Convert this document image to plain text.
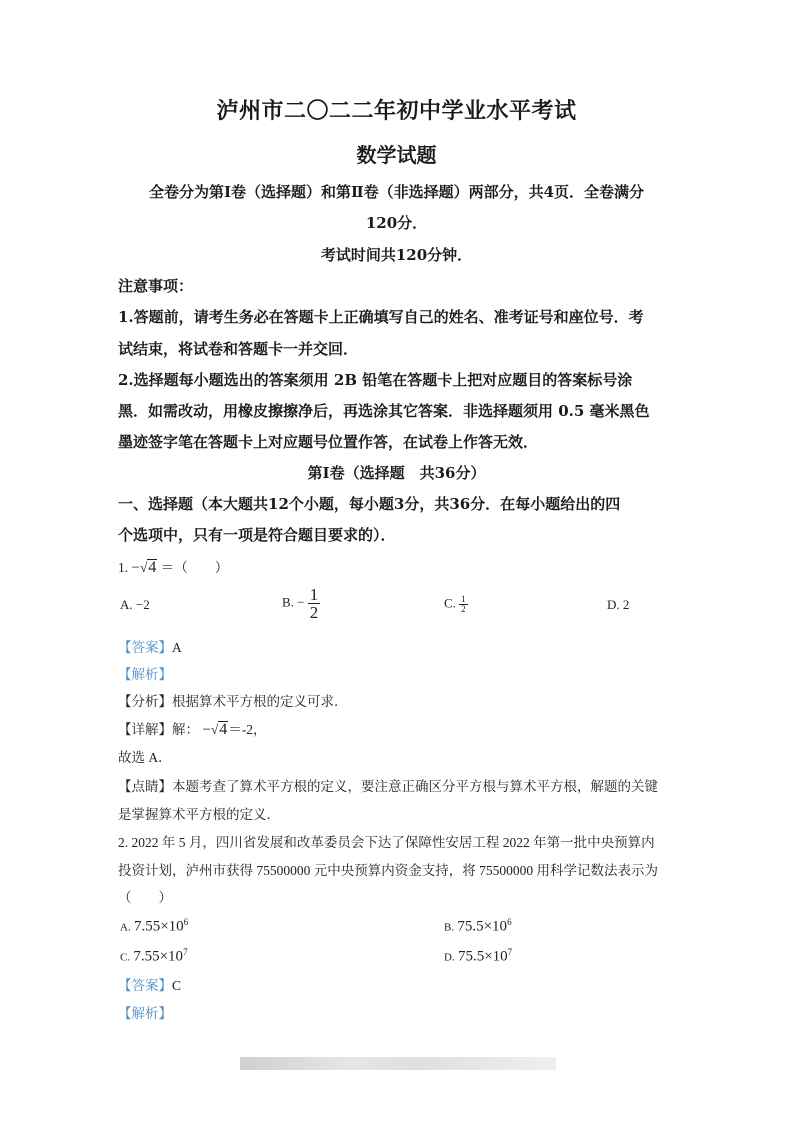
泸州市二〇二二年初中学业水平考试
数学试题
全卷分为第Ⅰ卷（选择题）和第Ⅱ卷（非选择题）两部分，共4页．全卷满分
120分．
考试时间共120分钟．
注意事项：
1.答题前，请考生务必在答题卡上正确填写自己的姓名、准考证号和座位号．考
试结束，将试卷和答题卡一并交回．
2.选择题每小题选出的答案须用 2B 铅笔在答题卡上把对应题目的答案标号涂
黑．如需改动，用橡皮擦擦净后，再选涂其它答案．非选择题须用 0.5 毫米黑色
墨迹签字笔在答题卡上对应题号位置作答，在试卷上作答无效．
第Ⅰ卷（选择题　共36分）
一、选择题（本大题共12个小题，每小题3分，共36分．在每小题给出的四
个选项中，只有一项是符合题目要求的）．
1. −√4 ＝（　　）
A. −2	B. − $\frac{1}{2}$	C. $\frac{1}{2}$	D. 2
【答案】A
【解析】
【分析】根据算术平方根的定义可求．
【详解】解： −√4＝-2，
故选 A．
【点睛】本题考查了算术平方根的定义，要注意正确区分平方根与算术平方根，解题的关键
是掌握算术平方根的定义．
2. 2022 年 5 月，四川省发展和改革委员会下达了保障性安居工程 2022 年第一批中央预算内
投资计划，泸州市获得 75500000 元中央预算内资金支持，将 75500000 用科学记数法表示为
（　　）
A. $7.55\times 10^6$	B. $75.5\times 10^6$
C. $7.55\times 10^7$	D. $75.5\times 10^7$
【答案】C
【解析】
